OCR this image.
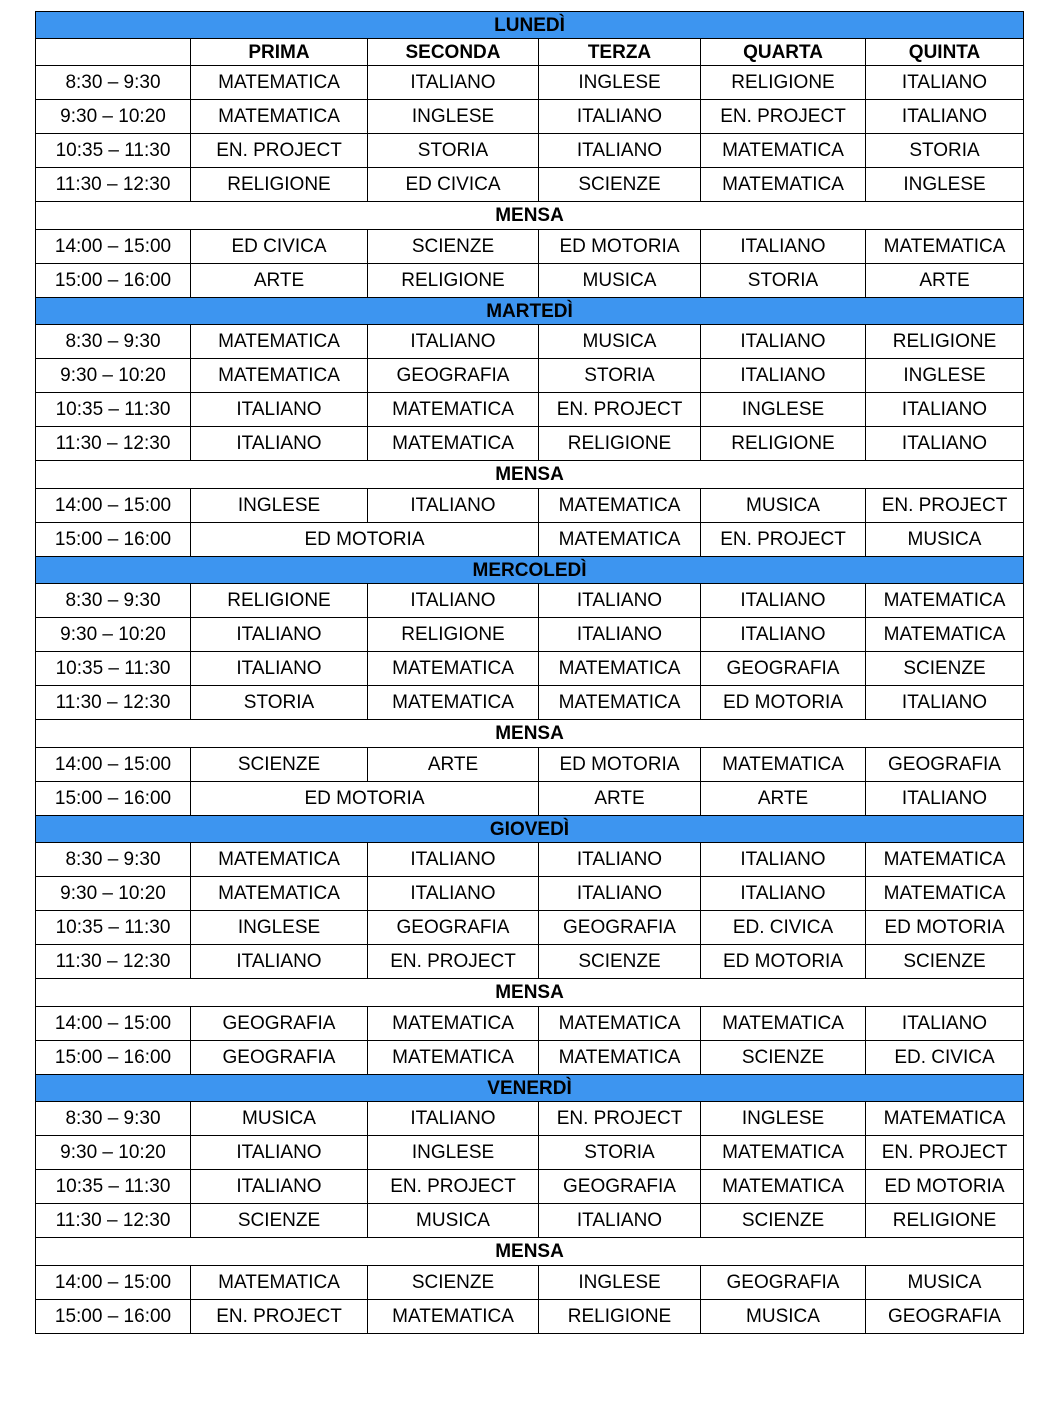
LUNEDÌ					
	PRIMA	SECONDA	TERZA	QUARTA	QUINTA
8:30 – 9:30	MATEMATICA	ITALIANO	INGLESE	RELIGIONE	ITALIANO
9:30 – 10:20	MATEMATICA	INGLESE	ITALIANO	EN. PROJECT	ITALIANO
10:35 – 11:30	EN. PROJECT	STORIA	ITALIANO	MATEMATICA	STORIA
11:30 – 12:30	RELIGIONE	ED CIVICA	SCIENZE	MATEMATICA	INGLESE
MENSA					
14:00 – 15:00	ED CIVICA	SCIENZE	ED MOTORIA	ITALIANO	MATEMATICA
15:00 – 16:00	ARTE	RELIGIONE	MUSICA	STORIA	ARTE
MARTEDÌ					
8:30 – 9:30	MATEMATICA	ITALIANO	MUSICA	ITALIANO	RELIGIONE
9:30 – 10:20	MATEMATICA	GEOGRAFIA	STORIA	ITALIANO	INGLESE
10:35 – 11:30	ITALIANO	MATEMATICA	EN. PROJECT	INGLESE	ITALIANO
11:30 – 12:30	ITALIANO	MATEMATICA	RELIGIONE	RELIGIONE	ITALIANO
MENSA					
14:00 – 15:00	INGLESE	ITALIANO	MATEMATICA	MUSICA	EN. PROJECT
15:00 – 16:00	ED MOTORIA		MATEMATICA	EN. PROJECT	MUSICA
MERCOLEDÌ					
8:30 – 9:30	RELIGIONE	ITALIANO	ITALIANO	ITALIANO	MATEMATICA
9:30 – 10:20	ITALIANO	RELIGIONE	ITALIANO	ITALIANO	MATEMATICA
10:35 – 11:30	ITALIANO	MATEMATICA	MATEMATICA	GEOGRAFIA	SCIENZE
11:30 – 12:30	STORIA	MATEMATICA	MATEMATICA	ED MOTORIA	ITALIANO
MENSA					
14:00 – 15:00	SCIENZE	ARTE	ED MOTORIA	MATEMATICA	GEOGRAFIA
15:00 – 16:00	ED MOTORIA		ARTE	ARTE	ITALIANO
GIOVEDÌ					
8:30 – 9:30	MATEMATICA	ITALIANO	ITALIANO	ITALIANO	MATEMATICA
9:30 – 10:20	MATEMATICA	ITALIANO	ITALIANO	ITALIANO	MATEMATICA
10:35 – 11:30	INGLESE	GEOGRAFIA	GEOGRAFIA	ED. CIVICA	ED MOTORIA
11:30 – 12:30	ITALIANO	EN. PROJECT	SCIENZE	ED MOTORIA	SCIENZE
MENSA					
14:00 – 15:00	GEOGRAFIA	MATEMATICA	MATEMATICA	MATEMATICA	ITALIANO
15:00 – 16:00	GEOGRAFIA	MATEMATICA	MATEMATICA	SCIENZE	ED. CIVICA
VENERDÌ					
8:30 – 9:30	MUSICA	ITALIANO	EN. PROJECT	INGLESE	MATEMATICA
9:30 – 10:20	ITALIANO	INGLESE	STORIA	MATEMATICA	EN. PROJECT
10:35 – 11:30	ITALIANO	EN. PROJECT	GEOGRAFIA	MATEMATICA	ED MOTORIA
11:30 – 12:30	SCIENZE	MUSICA	ITALIANO	SCIENZE	RELIGIONE
MENSA					
14:00 – 15:00	MATEMATICA	SCIENZE	INGLESE	GEOGRAFIA	MUSICA
15:00 – 16:00	EN. PROJECT	MATEMATICA	RELIGIONE	MUSICA	GEOGRAFIA
